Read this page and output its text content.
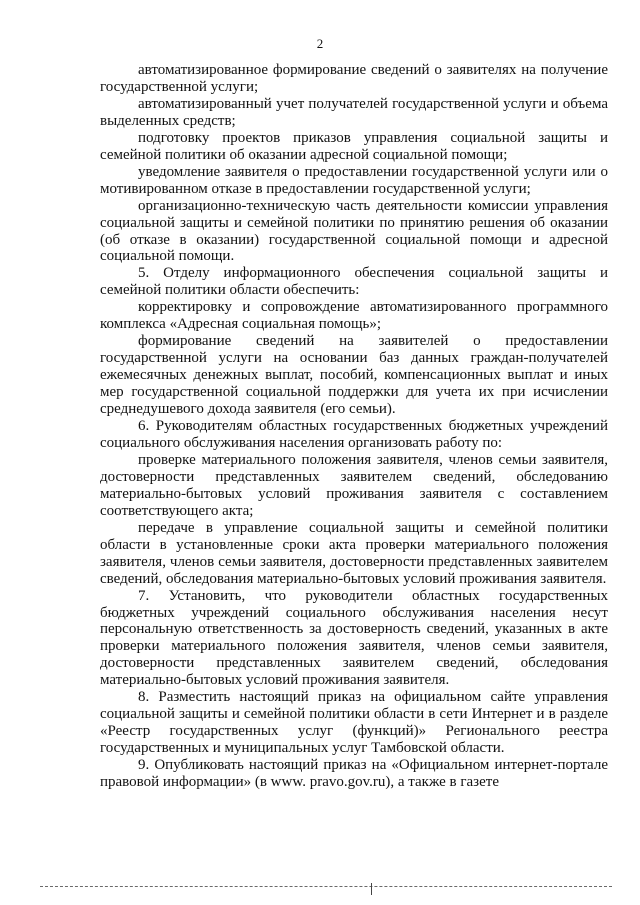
2

автоматизированное формирование сведений о заявителях на получение государственной услуги;

автоматизированный учет получателей государственной услуги и объема выделенных средств;

подготовку проектов приказов управления социальной защиты и семейной политики об оказании адресной социальной помощи;

уведомление заявителя о предоставлении государственной услуги или о мотивированном отказе в предоставлении государственной услуги;

организационно-техническую часть деятельности комиссии управления социальной защиты и семейной политики по принятию решения об оказании (об отказе в оказании) государственной социальной помощи и адресной социальной помощи.

5. Отделу информационного обеспечения социальной защиты и семейной политики области обеспечить:

корректировку и сопровождение автоматизированного программного комплекса «Адресная социальная помощь»;

формирование сведений на заявителей о предоставлении государственной услуги на основании баз данных граждан-получателей ежемесячных денежных выплат, пособий, компенсационных выплат и иных мер государственной социальной поддержки для учета их при исчислении среднедушевого дохода заявителя (его семьи).

6. Руководителям областных государственных бюджетных учреждений социального обслуживания населения организовать работу по:

проверке материального положения заявителя, членов семьи заявителя, достоверности представленных заявителем сведений, обследованию материально-бытовых условий проживания заявителя с составлением соответствующего акта;

передаче в управление социальной защиты и семейной политики области в установленные сроки акта проверки материального положения заявителя, членов семьи заявителя, достоверности представленных заявителем сведений, обследования материально-бытовых условий проживания заявителя.

7. Установить, что руководители областных государственных бюджетных учреждений социального обслуживания населения несут персональную ответственность за достоверность сведений, указанных в акте проверки материального положения заявителя, членов семьи заявителя, достоверности представленных заявителем сведений, обследования материально-бытовых условий проживания заявителя.

8. Разместить настоящий приказ на официальном сайте управления социальной защиты и семейной политики области в сети Интернет и в разделе «Реестр государственных услуг (функций)» Регионального реестра государственных и муниципальных услуг Тамбовской области.

9. Опубликовать настоящий приказ на «Официальном интернет-портале правовой информации» (в www. pravo.gov.ru), а также в газете
